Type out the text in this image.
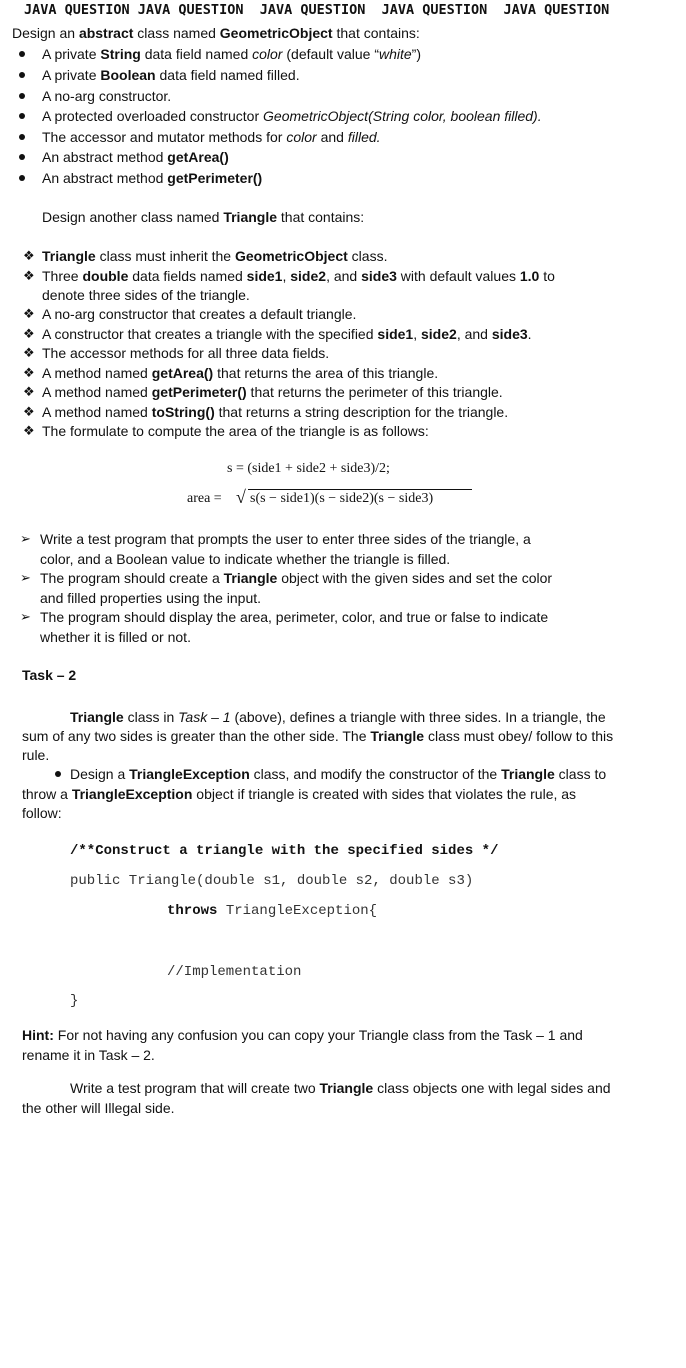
JAVA QUESTION JAVA QUESTION  JAVA QUESTION  JAVA QUESTION  JAVA QUESTION
Design an abstract class named GeometricObject that contains:
A private String data field named color (default value “white”)
A private Boolean data field named filled.
A no-arg constructor.
A protected overloaded constructor GeometricObject(String color, boolean filled).
The accessor and mutator methods for color and filled.
An abstract method getArea()
An abstract method getPerimeter()
Design another class named Triangle that contains:
❖ Triangle class must inherit the GeometricObject class.
❖ Three double data fields named side1, side2, and side3 with default values 1.0 to
denote three sides of the triangle.
❖ A no-arg constructor that creates a default triangle.
❖ A constructor that creates a triangle with the specified side1, side2, and side3.
❖ The accessor methods for all three data fields.
❖ A method named getArea() that returns the area of this triangle.
❖ A method named getPerimeter() that returns the perimeter of this triangle.
❖ A method named toString() that returns a string description for the triangle.
❖ The formulate to compute the area of the triangle is as follows:
s = (side1 + side2 + side3)/2;
area = √ s(s − side1)(s − side2)(s − side3)
➢ Write a test program that prompts the user to enter three sides of the triangle, a
color, and a Boolean value to indicate whether the triangle is filled.
➢ The program should create a Triangle object with the given sides and set the color
and filled properties using the input.
➢ The program should display the area, perimeter, color, and true or false to indicate
whether it is filled or not.
Task – 2
Triangle class in Task – 1 (above), defines a triangle with three sides. In a triangle, the
sum of any two sides is greater than the other side. The Triangle class must obey/ follow to this
rule.
Design a TriangleException class, and modify the constructor of the Triangle class to
throw a TriangleException object if triangle is created with sides that violates the rule, as
follow:
/**Construct a triangle with the specified sides */
public Triangle(double s1, double s2, double s3)
throws TriangleException{
//Implementation
}
Hint: For not having any confusion you can copy your Triangle class from the Task – 1 and
rename it in Task – 2.
Write a test program that will create two Triangle class objects one with legal sides and
the other will Illegal side.
